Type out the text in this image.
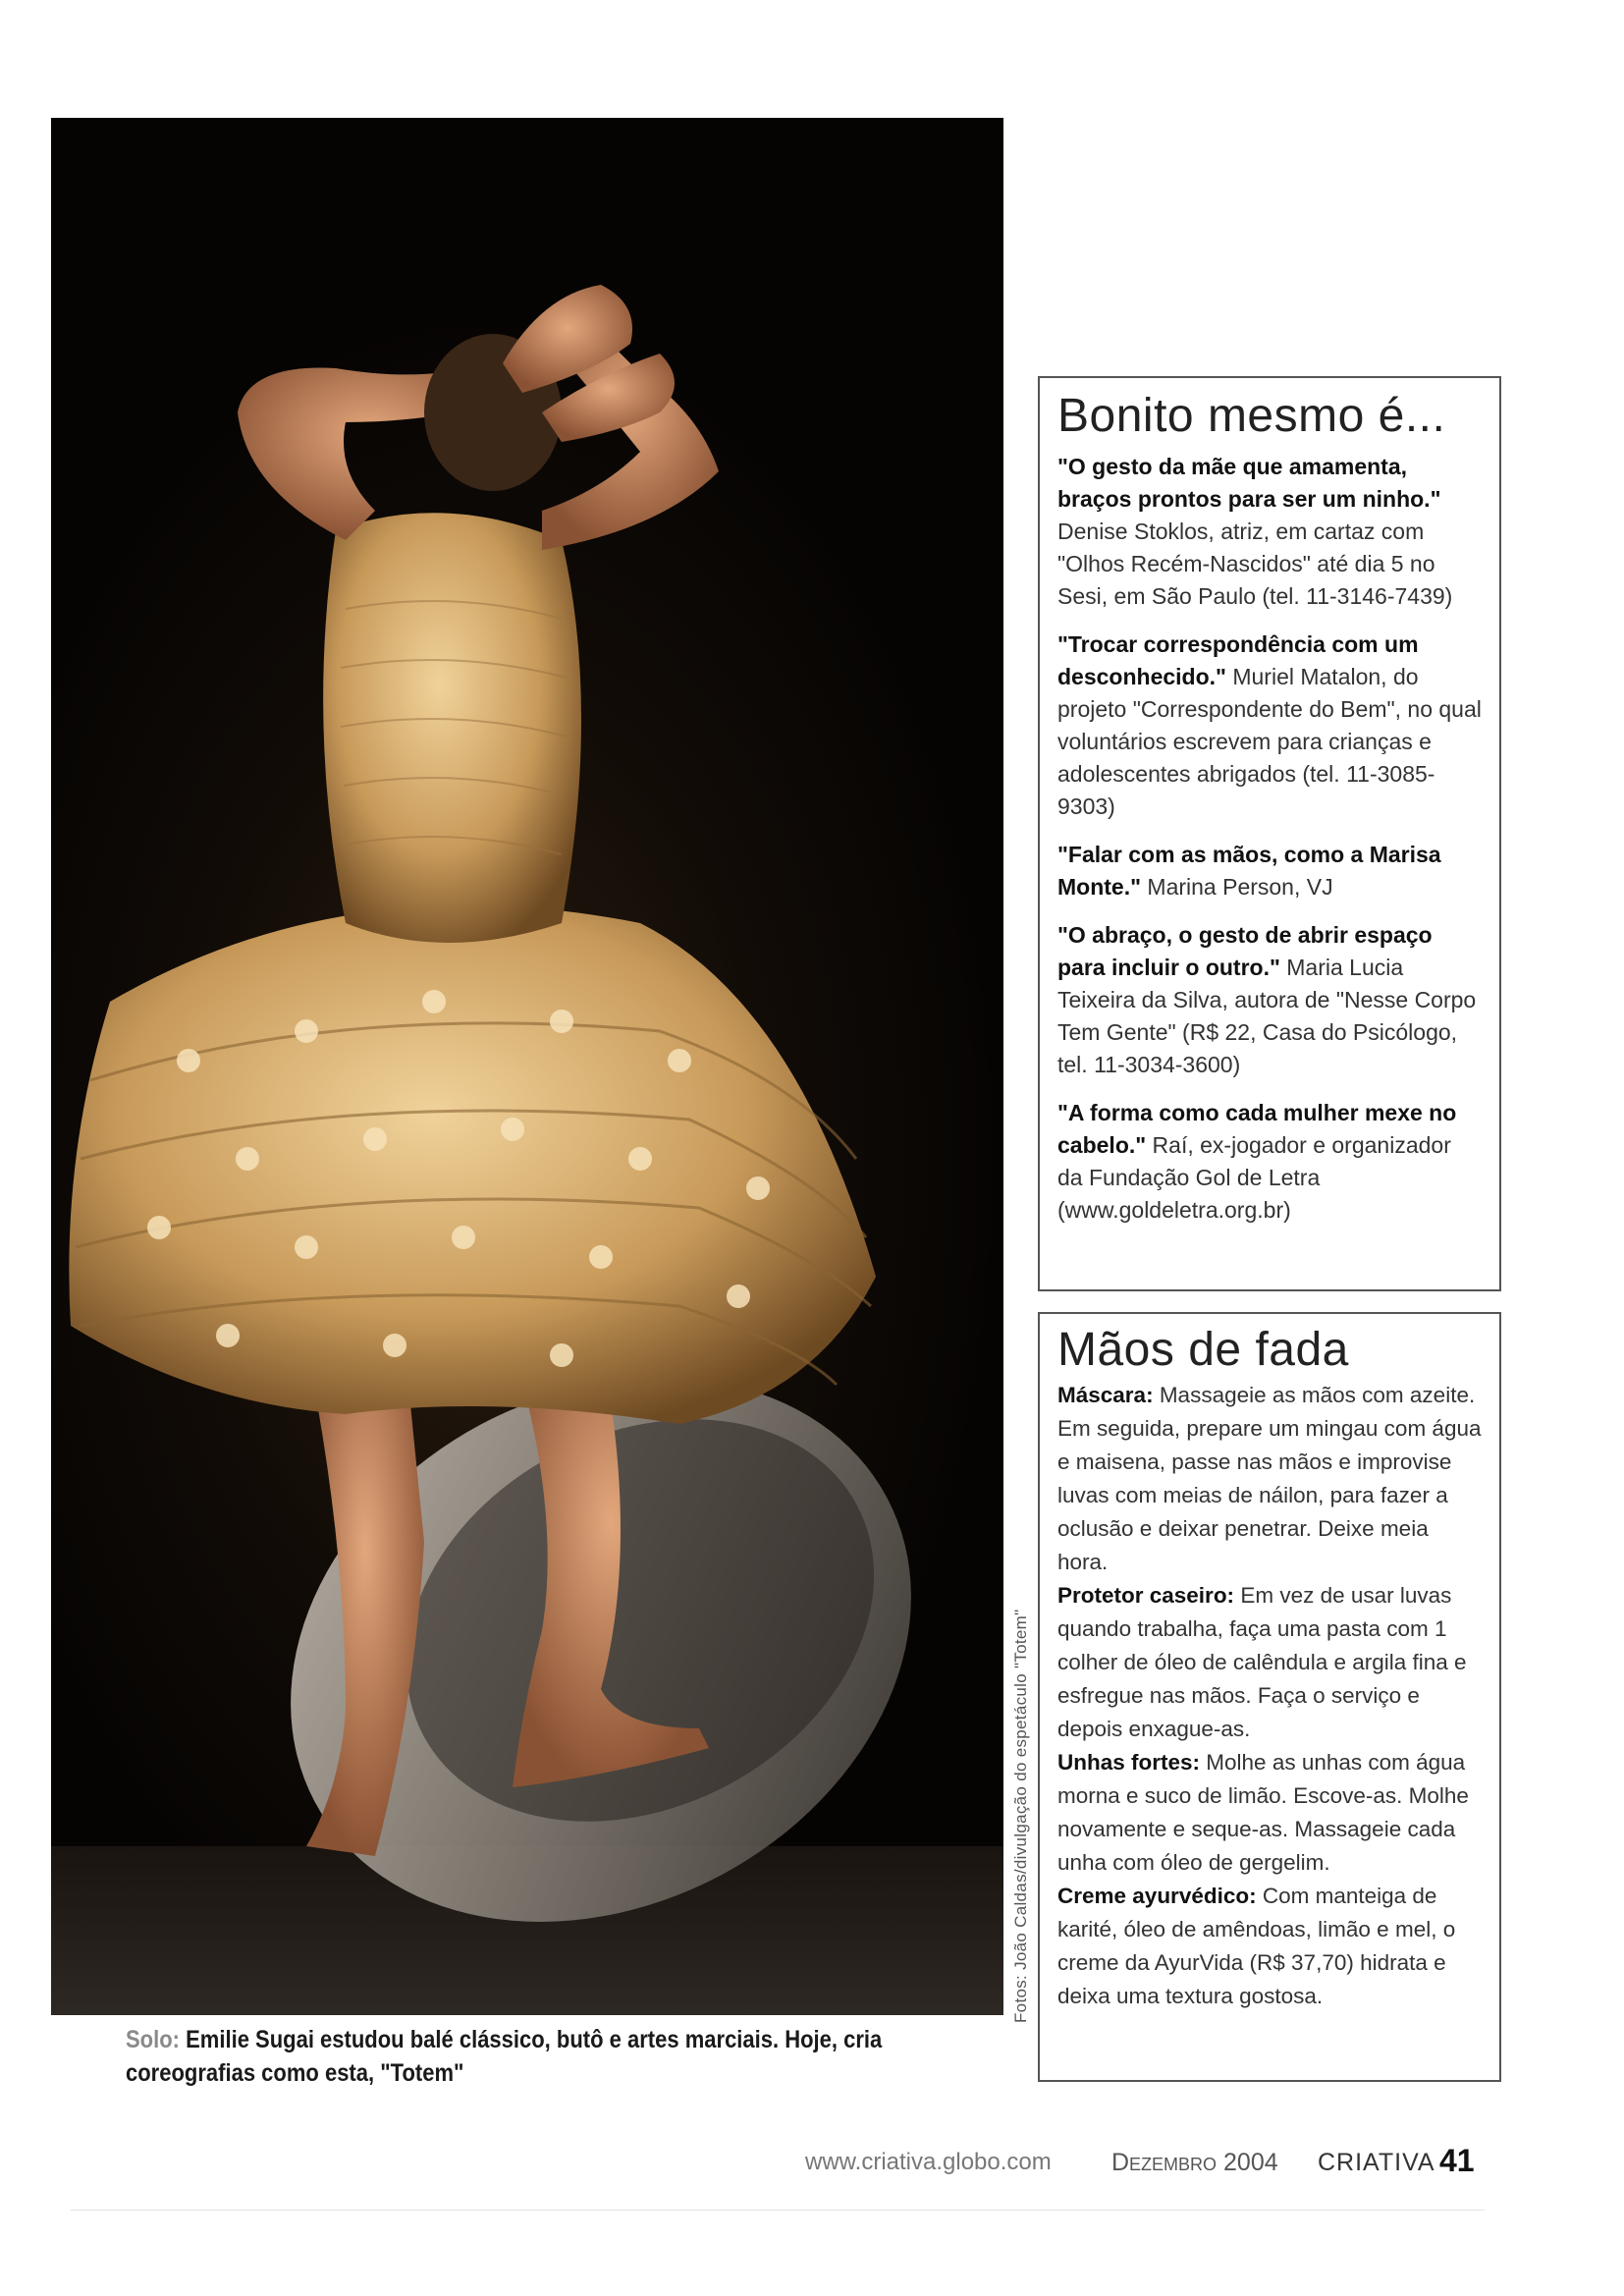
Fotos: João Caldas/divulgação do espetáculo "Totem"
Solo: Emilie Sugai estudou balé clássico, butô e artes marciais. Hoje, cria coreografias como esta, "Totem"
Bonito mesmo é...

"O gesto da mãe que amamenta, braços prontos para ser um ninho." Denise Stoklos, atriz, em cartaz com "Olhos Recém-Nascidos" até dia 5 no Sesi, em São Paulo (tel. 11-3146-7439)

"Trocar correspondência com um desconhecido." Muriel Matalon, do projeto "Correspondente do Bem", no qual voluntários escrevem para crianças e adolescentes abrigados (tel. 11-3085-9303)

"Falar com as mãos, como a Marisa Monte." Marina Person, VJ

"O abraço, o gesto de abrir espaço para incluir o outro." Maria Lucia Teixeira da Silva, autora de "Nesse Corpo Tem Gente" (R$ 22, Casa do Psicólogo, tel. 11-3034-3600)

"A forma como cada mulher mexe no cabelo." Raí, ex-jogador e organizador da Fundação Gol de Letra (www.goldeletra.org.br)

Mãos de fada

Máscara: Massageie as mãos com azeite. Em seguida, prepare um mingau com água e maisena, passe nas mãos e improvise luvas com meias de náilon, para fazer a oclusão e deixar penetrar. Deixe meia hora.

Protetor caseiro: Em vez de usar luvas quando trabalha, faça uma pasta com 1 colher de óleo de calêndula e argila fina e esfregue nas mãos. Faça o serviço e depois enxague-as.

Unhas fortes: Molhe as unhas com água morna e suco de limão. Escove-as. Molhe novamente e seque-as. Massageie cada unha com óleo de gergelim.

Creme ayurvédico: Com manteiga de karité, óleo de amêndoas, limão e mel, o creme da AyurVida (R$ 37,70) hidrata e deixa uma textura gostosa.

www.criativa.globo.com Dezembro 2004 CRIATIVA 41
